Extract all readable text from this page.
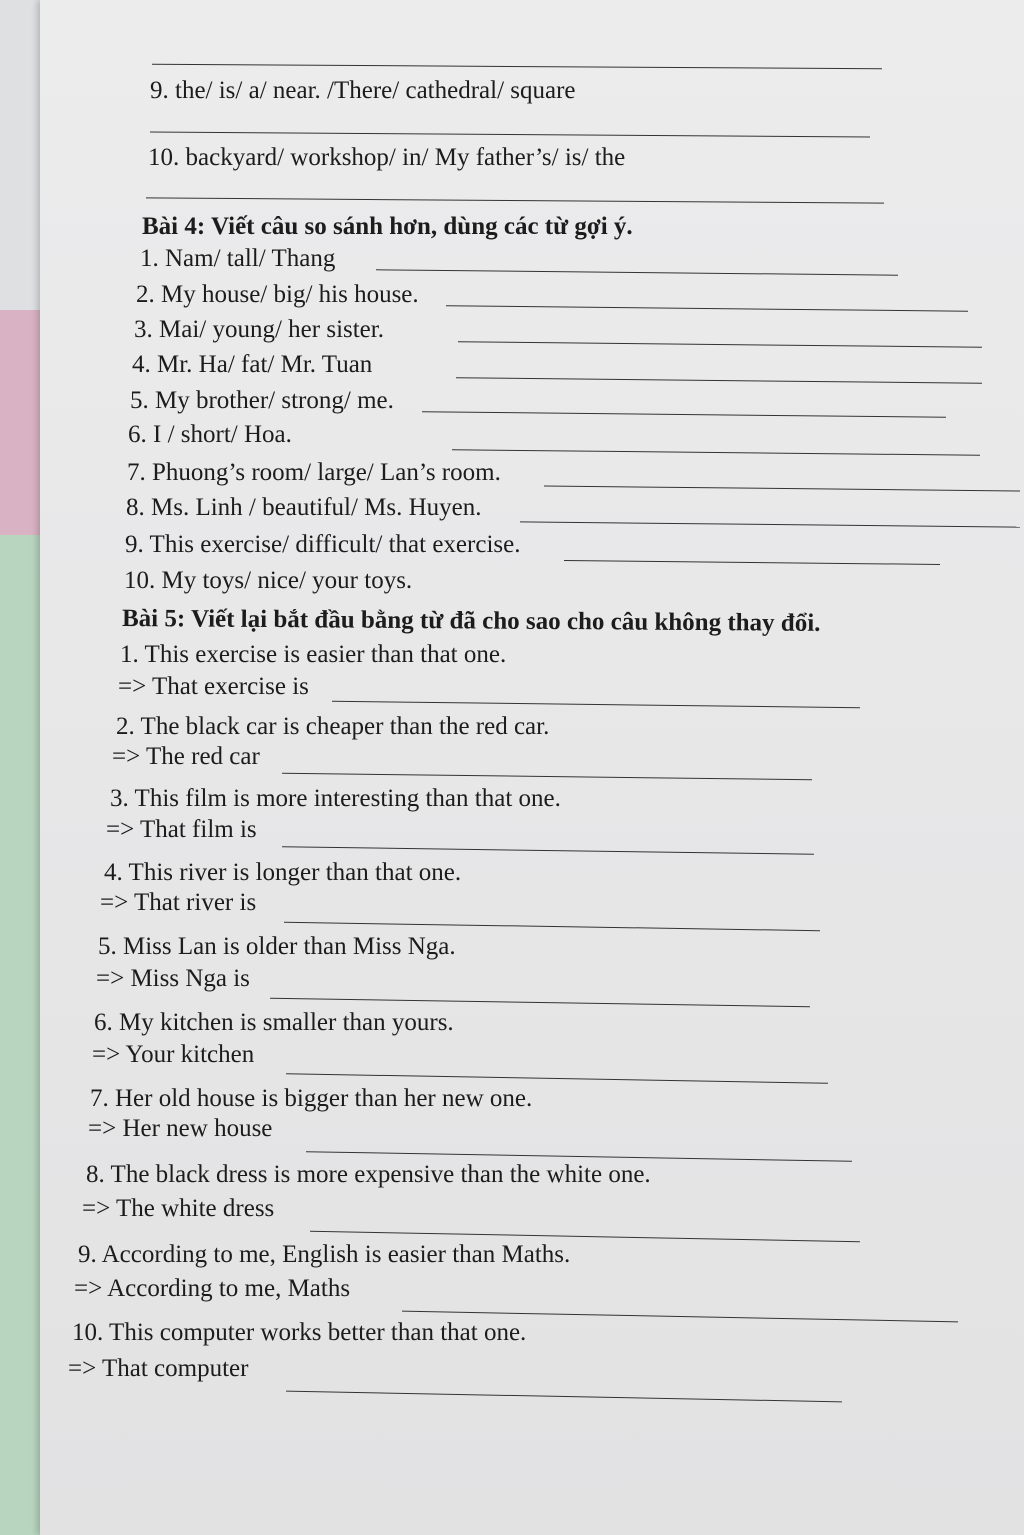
9. the/ is/ a/ near. /There/ cathedral/ square
10. backyard/ workshop/ in/ My father’s/ is/ the
Bài 4: Viết câu so sánh hơn, dùng các từ gợi ý.
1. Nam/ tall/ Thang
2. My house/ big/ his house.
3. Mai/ young/ her sister.
4. Mr. Ha/ fat/ Mr. Tuan
5. My brother/ strong/ me.
6. I / short/ Hoa.
7. Phuong’s room/ large/ Lan’s room.
8. Ms. Linh / beautiful/ Ms. Huyen.
9. This exercise/ difficult/ that exercise.
10. My toys/ nice/ your toys.
Bài 5: Viết lại bắt đầu bằng từ đã cho sao cho câu không thay đổi.
1. This exercise is easier than that one.
=> That exercise is
2. The black car is cheaper than the red car.
=> The red car
3. This film is more interesting than that one.
=> That film is
4. This river is longer than that one.
=> That river is
5. Miss Lan is older than Miss Nga.
=> Miss Nga is
6. My kitchen is smaller than yours.
=> Your kitchen
7. Her old house is bigger than her new one.
=> Her new house
8. The black dress is more expensive than the white one.
=> The white dress
9. According to me, English is easier than Maths.
=> According to me, Maths
10. This computer works better than that one.
=> That computer
